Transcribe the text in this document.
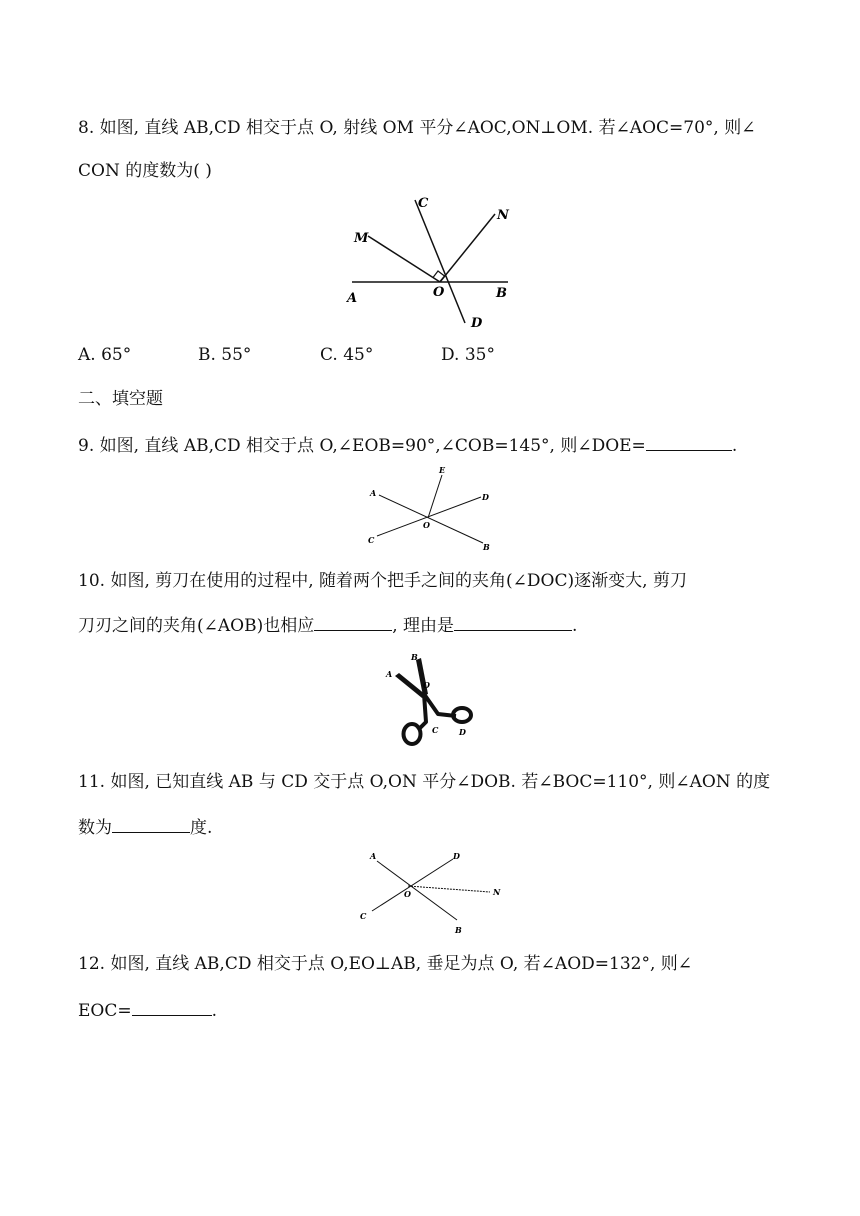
8. 如图, 直线 AB,CD 相交于点 O, 射线 OM 平分∠AOC,ON⊥OM. 若∠AOC=70°, 则∠
CON 的度数为( )
C
N
M
A	O	B
D
A. 65°	B. 55°	C. 45°	D. 35°
二、填空题
9. 如图, 直线 AB,CD 相交于点 O,∠EOB=90°,∠COB=145°, 则∠DOE=	.
A
E
D
C
O
B
10. 如图, 剪刀在使用的过程中, 随着两个把手之间的夹角(∠DOC)逐渐变大, 剪刀
刀刃之间的夹角(∠AOB)也相应	, 理由是	.
A
B
O
C	D
11. 如图, 已知直线 AB 与 CD 交于点 O,ON 平分∠DOB. 若∠BOC=110°, 则∠AON 的度
数为	度.
A	D
O	N
C
B
12. 如图, 直线 AB,CD 相交于点 O,EO⊥AB, 垂足为点 O, 若∠AOD=132°, 则∠
EOC=	.
